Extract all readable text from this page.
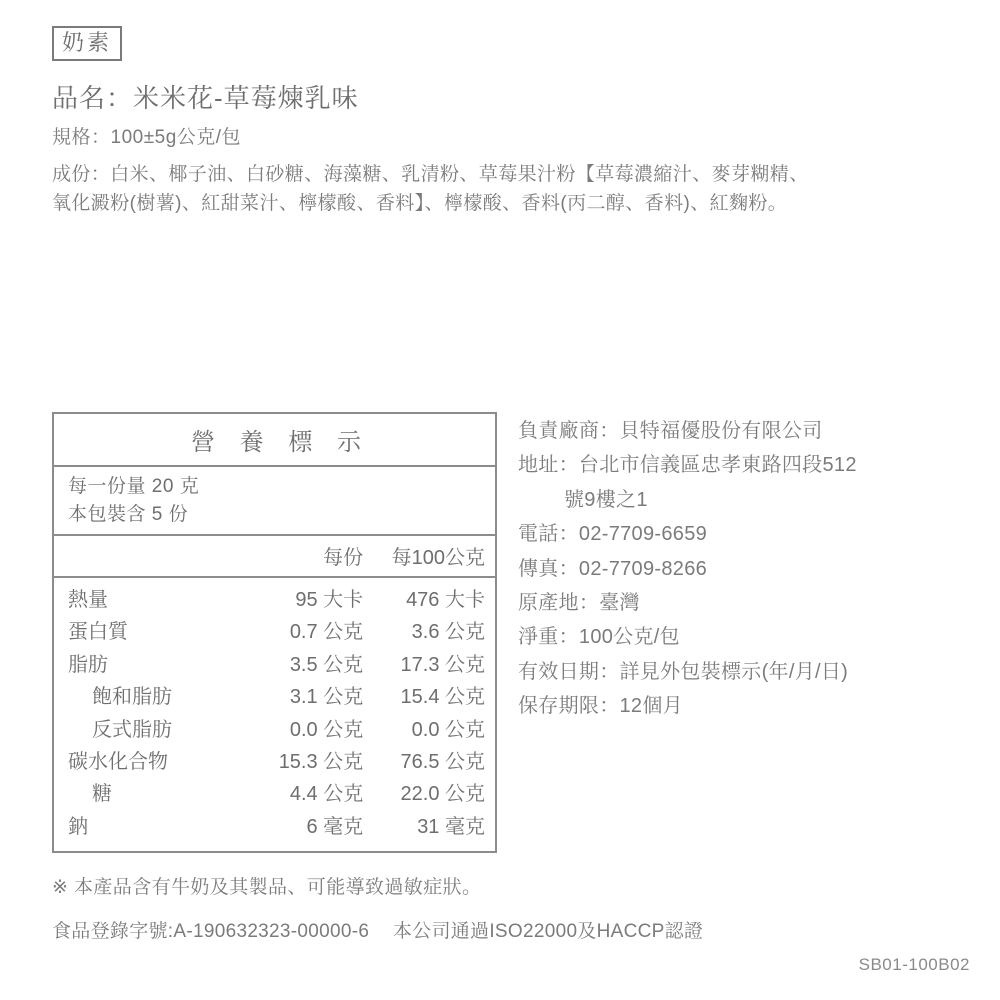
奶素
品名：米米花-草莓煉乳味
規格：100±5g公克/包
成份：白米、椰子油、白砂糖、海藻糖、乳清粉、草莓果汁粉【草莓濃縮汁、麥芽糊精、
氧化澱粉(樹薯)、紅甜菜汁、檸檬酸、香料】、檸檬酸、香料(丙二醇、香料)、紅麴粉。
營 養 標 示
每一份量 20 克
本包裝含 5 份
每份	每100公克
熱量	95 大卡	476 大卡
蛋白質	0.7 公克	3.6 公克
脂肪	3.5 公克	17.3 公克
飽和脂肪	3.1 公克	15.4 公克
反式脂肪	0.0 公克	0.0 公克
碳水化合物	15.3 公克	76.5 公克
糖	4.4 公克	22.0 公克
鈉	6 毫克	31 毫克
負責廠商：貝特福優股份有限公司
地址：台北市信義區忠孝東路四段512
號9樓之1
電話：02-7709-6659
傳真：02-7709-8266
原產地：臺灣
淨重：100公克/包
有效日期：詳見外包裝標示(年/月/日)
保存期限：12個月
※ 本產品含有牛奶及其製品、可能導致過敏症狀。
食品登錄字號:A-190632323-00000-6 本公司通過ISO22000及HACCP認證
SB01-100B02
